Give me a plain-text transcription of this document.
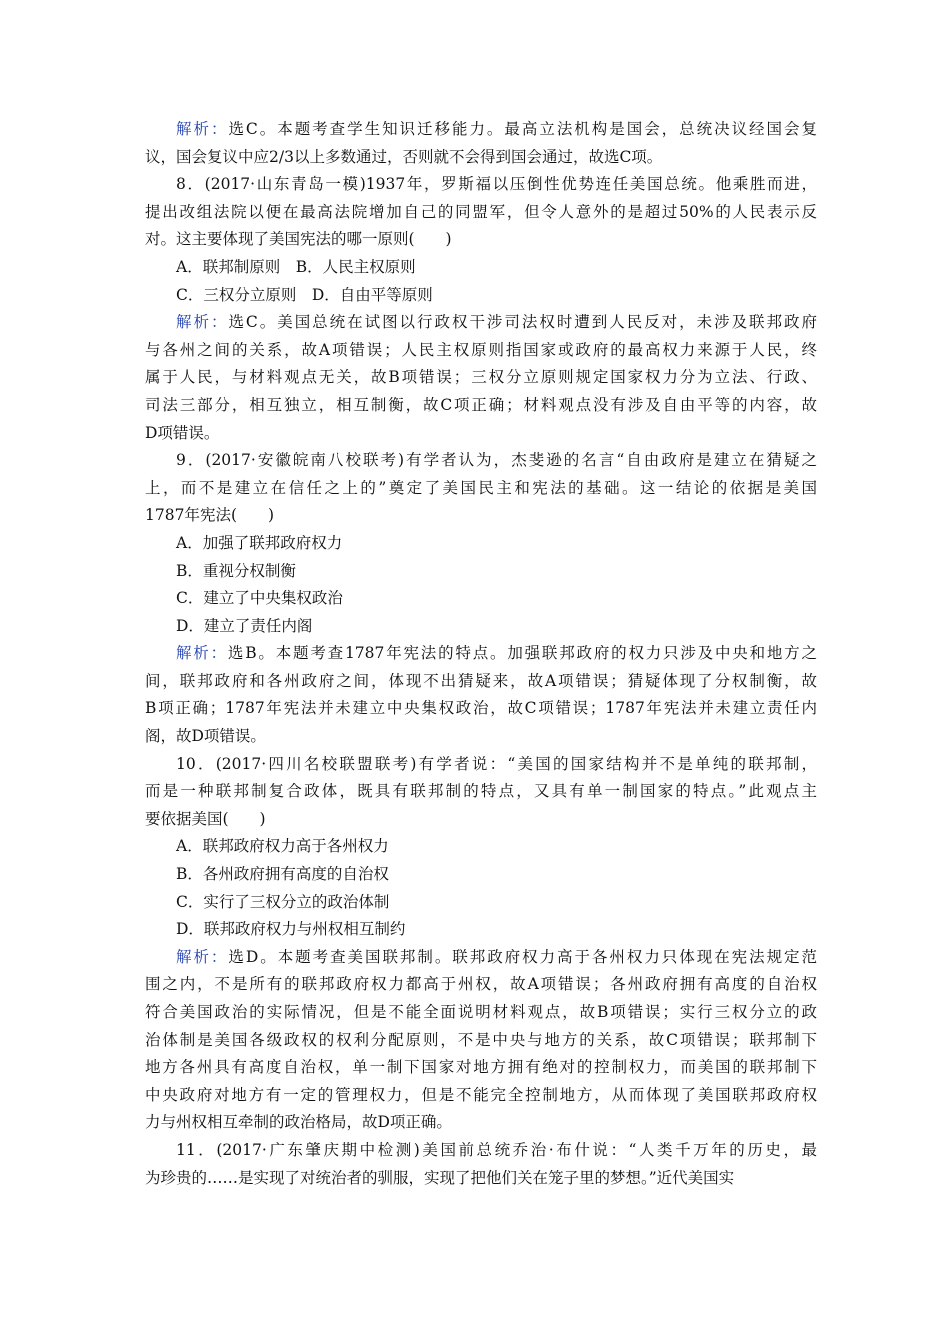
解析：选C。本题考查学生知识迁移能力。最高立法机构是国会，总统决议经国会复
议，国会复议中应2/3以上多数通过，否则就不会得到国会通过，故选C项。
8．(2017·山东青岛一模)1937年，罗斯福以压倒性优势连任美国总统。他乘胜而进，
提出改组法院以便在最高法院增加自己的同盟军，但令人意外的是超过50%的人民表示反
对。这主要体现了美国宪法的哪一原则(　　)
A．联邦制原则　B．人民主权原则
C．三权分立原则　D．自由平等原则
解析：选C。美国总统在试图以行政权干涉司法权时遭到人民反对，未涉及联邦政府
与各州之间的关系，故A项错误；人民主权原则指国家或政府的最高权力来源于人民，终
属于人民，与材料观点无关，故B项错误；三权分立原则规定国家权力分为立法、行政、
司法三部分，相互独立，相互制衡，故C项正确；材料观点没有涉及自由平等的内容，故
D项错误。
9．(2017·安徽皖南八校联考)有学者认为，杰斐逊的名言“自由政府是建立在猜疑之
上，而不是建立在信任之上的”奠定了美国民主和宪法的基础。这一结论的依据是美国
1787年宪法(　　)
A．加强了联邦政府权力
B．重视分权制衡
C．建立了中央集权政治
D．建立了责任内阁
解析：选B。本题考查1787年宪法的特点。加强联邦政府的权力只涉及中央和地方之
间，联邦政府和各州政府之间，体现不出猜疑来，故A项错误；猜疑体现了分权制衡，故
B项正确；1787年宪法并未建立中央集权政治，故C项错误；1787年宪法并未建立责任内
阁，故D项错误。
10．(2017·四川名校联盟联考)有学者说：“美国的国家结构并不是单纯的联邦制，
而是一种联邦制复合政体，既具有联邦制的特点，又具有单一制国家的特点。”此观点主
要依据美国(　　)
A．联邦政府权力高于各州权力
B．各州政府拥有高度的自治权
C．实行了三权分立的政治体制
D．联邦政府权力与州权相互制约
解析：选D。本题考查美国联邦制。联邦政府权力高于各州权力只体现在宪法规定范
围之内，不是所有的联邦政府权力都高于州权，故A项错误；各州政府拥有高度的自治权
符合美国政治的实际情况，但是不能全面说明材料观点，故B项错误；实行三权分立的政
治体制是美国各级政权的权利分配原则，不是中央与地方的关系，故C项错误；联邦制下
地方各州具有高度自治权，单一制下国家对地方拥有绝对的控制权力，而美国的联邦制下
中央政府对地方有一定的管理权力，但是不能完全控制地方，从而体现了美国联邦政府权
力与州权相互牵制的政治格局，故D项正确。
11．(2017·广东肇庆期中检测)美国前总统乔治·布什说：“人类千万年的历史，最
为珍贵的……是实现了对统治者的驯服，实现了把他们关在笼子里的梦想。”近代美国实
